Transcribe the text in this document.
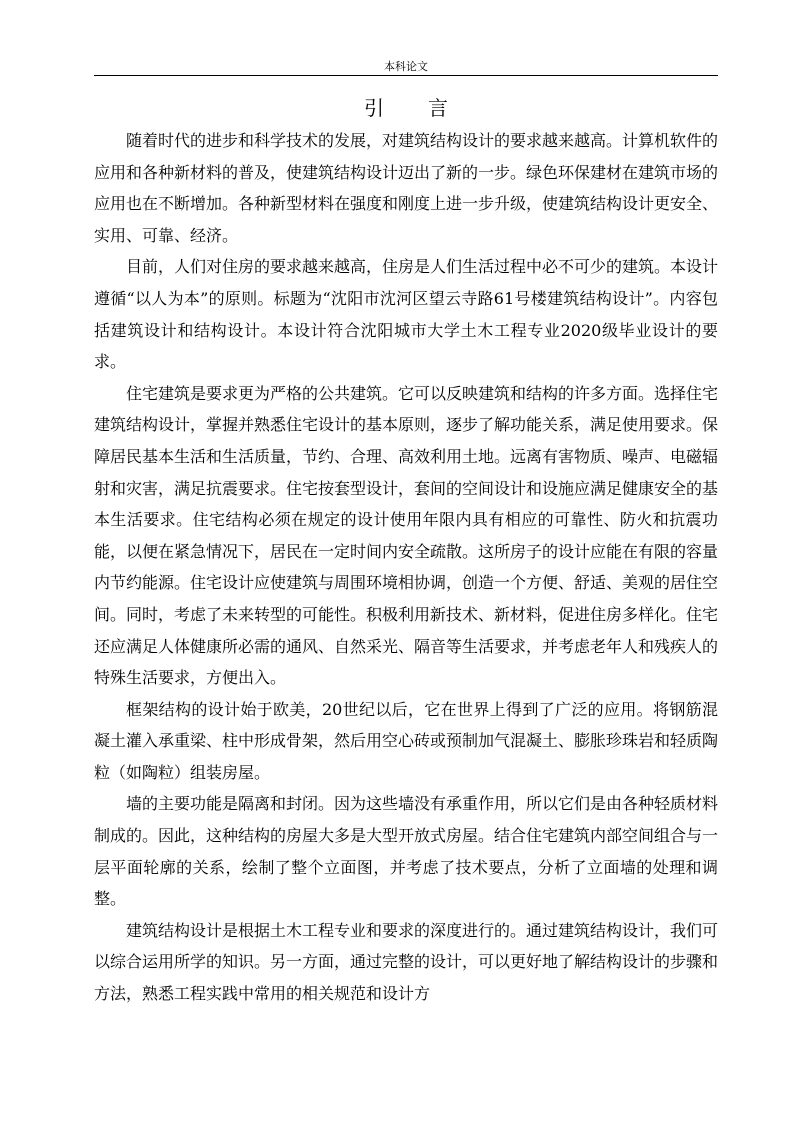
本科论文
引 言

随着时代的进步和科学技术的发展，对建筑结构设计的要求越来越高。计算机软件的应用和各种新材料的普及，使建筑结构设计迈出了新的一步。绿色环保建材在建筑市场的应用也在不断增加。各种新型材料在强度和刚度上进一步升级，使建筑结构设计更安全、实用、可靠、经济。

目前，人们对住房的要求越来越高，住房是人们生活过程中必不可少的建筑。本设计遵循“以人为本”的原则。标题为“沈阳市沈河区望云寺路61号楼建筑结构设计”。内容包括建筑设计和结构设计。本设计符合沈阳城市大学土木工程专业2020级毕业设计的要求。

住宅建筑是要求更为严格的公共建筑。它可以反映建筑和结构的许多方面。选择住宅建筑结构设计，掌握并熟悉住宅设计的基本原则，逐步了解功能关系，满足使用要求。保障居民基本生活和生活质量，节约、合理、高效利用土地。远离有害物质、噪声、电磁辐射和灾害，满足抗震要求。住宅按套型设计，套间的空间设计和设施应满足健康安全的基本生活要求。住宅结构必须在规定的设计使用年限内具有相应的可靠性、防火和抗震功能，以便在紧急情况下，居民在一定时间内安全疏散。这所房子的设计应能在有限的容量内节约能源。住宅设计应使建筑与周围环境相协调，创造一个方便、舒适、美观的居住空间。同时，考虑了未来转型的可能性。积极利用新技术、新材料，促进住房多样化。住宅还应满足人体健康所必需的通风、自然采光、隔音等生活要求，并考虑老年人和残疾人的特殊生活要求，方便出入。

框架结构的设计始于欧美，20世纪以后，它在世界上得到了广泛的应用。将钢筋混凝土灌入承重梁、柱中形成骨架，然后用空心砖或预制加气混凝土、膨胀珍珠岩和轻质陶粒（如陶粒）组装房屋。

墙的主要功能是隔离和封闭。因为这些墙没有承重作用，所以它们是由各种轻质材料制成的。因此，这种结构的房屋大多是大型开放式房屋。结合住宅建筑内部空间组合与一层平面轮廓的关系，绘制了整个立面图，并考虑了技术要点，分析了立面墙的处理和调整。

建筑结构设计是根据土木工程专业和要求的深度进行的。通过建筑结构设计，我们可以综合运用所学的知识。另一方面，通过完整的设计，可以更好地了解结构设计的步骤和方法，熟悉工程实践中常用的相关规范和设计方
